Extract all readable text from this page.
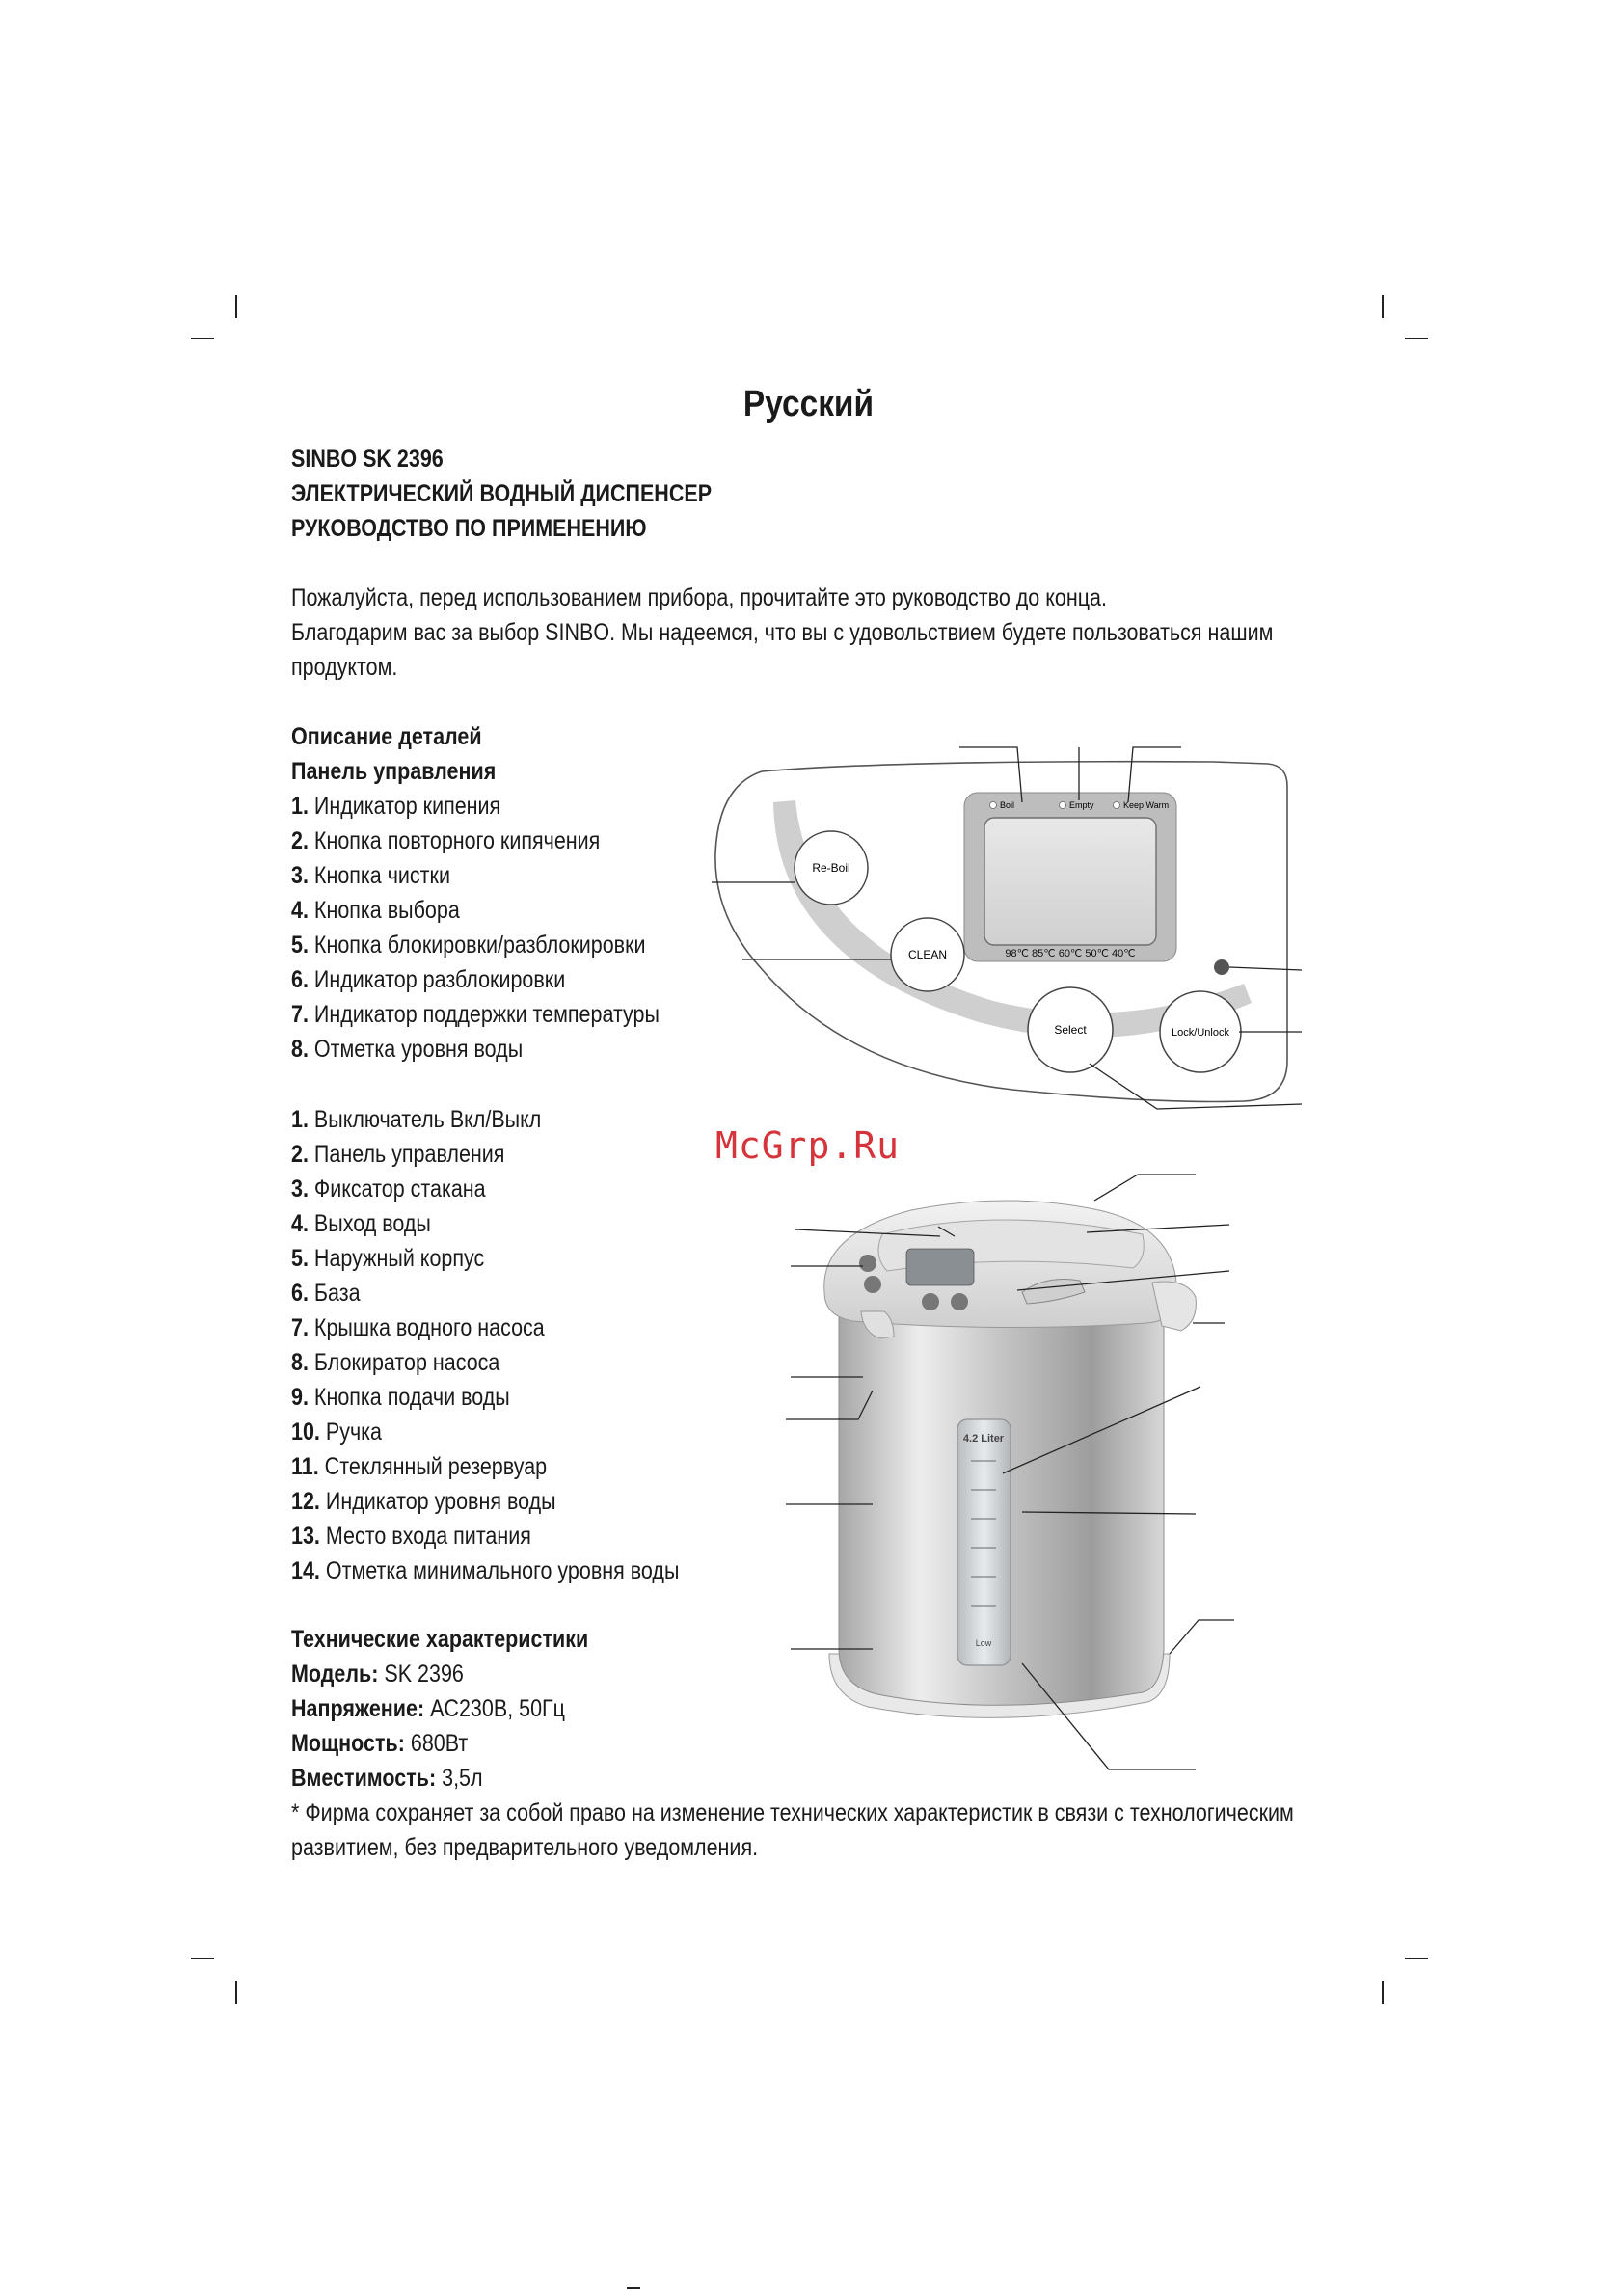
Русский
SINBO SK 2396
ЭЛЕКТРИЧЕСКИЙ ВОДНЫЙ ДИСПЕНСЕР
РУКОВОДСТВО ПО ПРИМЕНЕНИЮ
Пожалуйста, перед использованием прибора, прочитайте это руководство до конца.
Благодарим вас за выбор SINBO. Мы надеемся, что вы с удовольствием будете пользоваться нашим
продуктом.
Описание деталей
Панель управления
1. Индикатор кипения
2. Кнопка повторного кипячения
3. Кнопка чистки
4. Кнопка выбора
5. Кнопка блокировки/разблокировки
6. Индикатор разблокировки
7. Индикатор поддержки температуры
8. Отметка уровня воды
1. Выключатель Вкл/Выкл
2. Панель управления
3. Фиксатор стакана
4. Выход воды
5. Наружный корпус
6. База
7. Крышка водного насоса
8. Блокиратор насоса
9. Кнопка подачи воды
10. Ручка
11. Стеклянный резервуар
12. Индикатор уровня воды
13. Место входа питания
14. Отметка минимального уровня воды
Технические характеристики
Модель: SK 2396
Напряжение: AC230B, 50Гц
Мощность: 680Вт
Вместимость: 3,5л
* Фирма сохраняет за собой право на изменение технических характеристик в связи с технологическим
развитием, без предварительного уведомления.
McGrp.Ru
Boil	Empty	Keep Warm
98℃ 85℃ 60℃ 50℃ 40℃
Re-Boil
CLEAN
Select	Lock/Unlock
4.2 Liter
Low
